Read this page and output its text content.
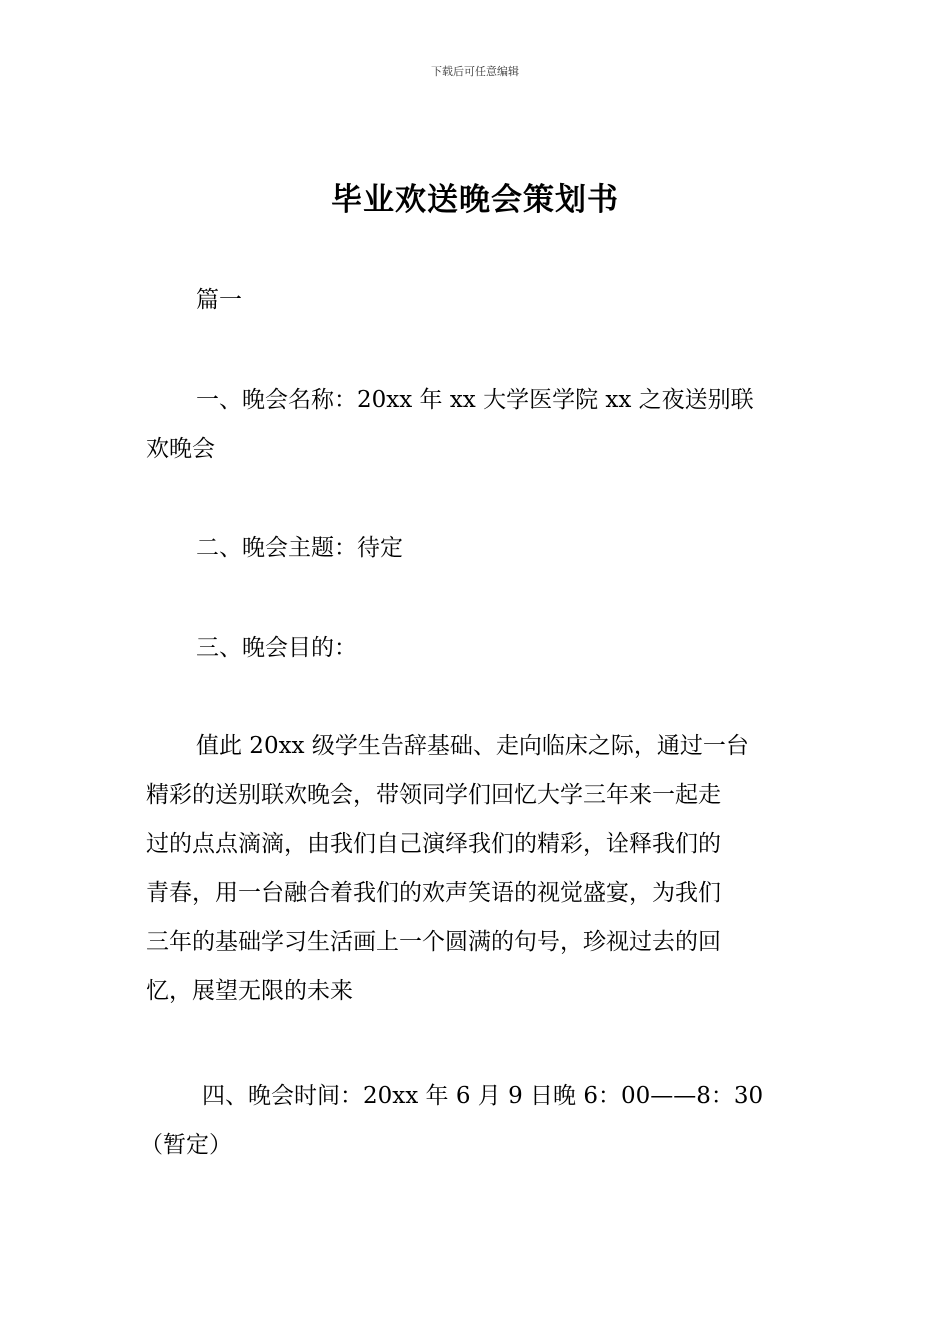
下载后可任意编辑
毕业欢送晚会策划书

篇一

一、晚会名称：20xx 年 xx 大学医学院 xx 之夜送别联
欢晚会

二、晚会主题：待定

三、晚会目的：

值此 20xx 级学生告辞基础、走向临床之际，通过一台
精彩的送别联欢晚会，带领同学们回忆大学三年来一起走
过的点点滴滴，由我们自己演绎我们的精彩，诠释我们的
青春，用一台融合着我们的欢声笑语的视觉盛宴，为我们
三年的基础学习生活画上一个圆满的句号，珍视过去的回
忆，展望无限的未来

四、晚会时间：20xx 年 6 月 9 日晚 6：00——8：30
（暂定）
